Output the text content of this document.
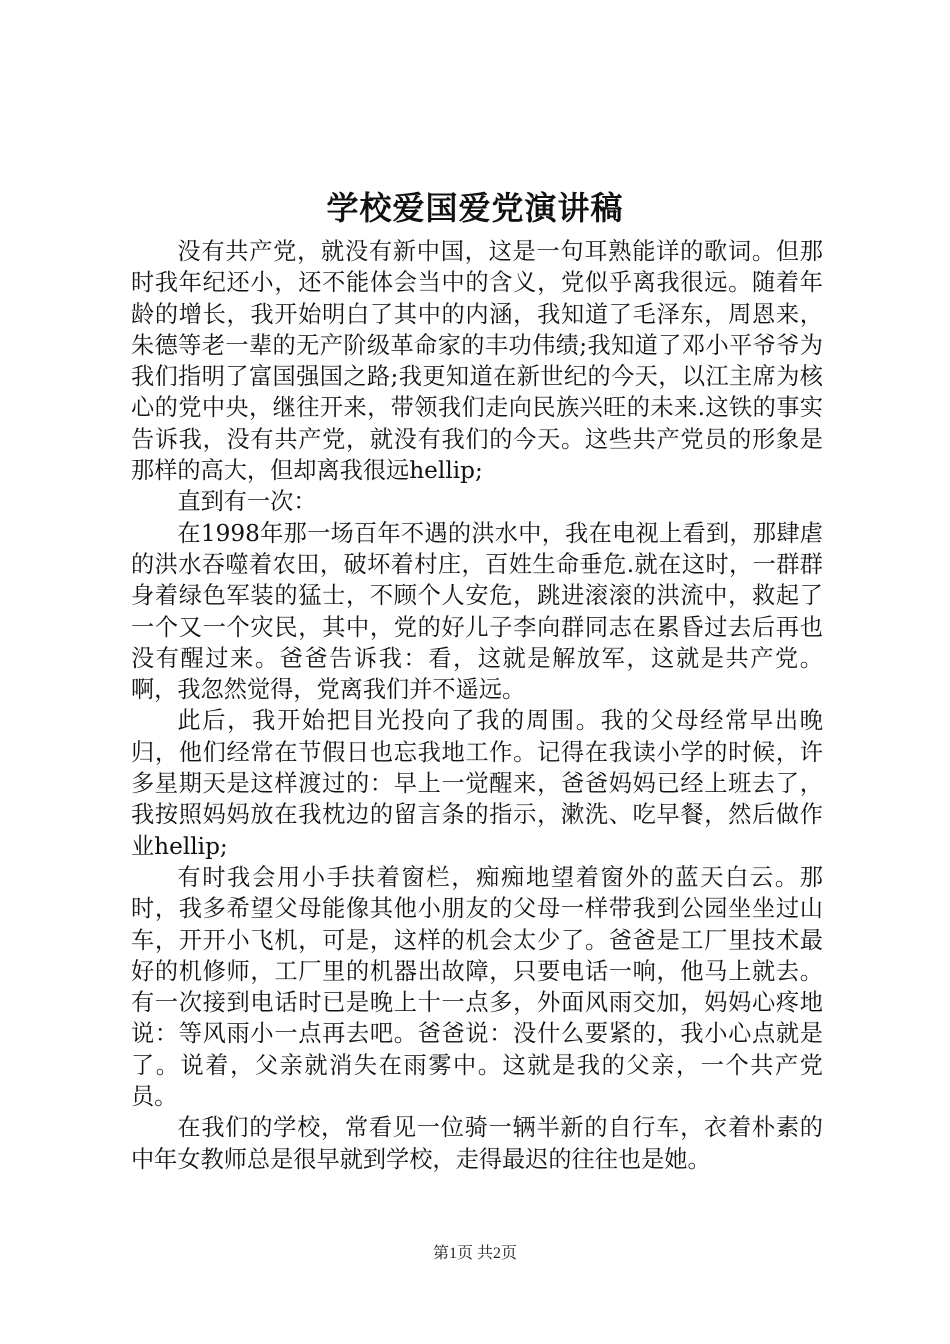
学校爱国爱党演讲稿

没有共产党，就没有新中国，这是一句耳熟能详的歌词。但那时我年纪还小，还不能体会当中的含义，党似乎离我很远。随着年龄的增长，我开始明白了其中的内涵，我知道了毛泽东，周恩来，朱德等老一辈的无产阶级革命家的丰功伟绩;我知道了邓小平爷爷为我们指明了富国强国之路;我更知道在新世纪的今天，以江主席为核心的党中央，继往开来，带领我们走向民族兴旺的未来.这铁的事实告诉我，没有共产党，就没有我们的今天。这些共产党员的形象是那样的高大，但却离我很远hellip;

直到有一次：

在1998年那一场百年不遇的洪水中，我在电视上看到，那肆虐的洪水吞噬着农田，破坏着村庄，百姓生命垂危.就在这时，一群群身着绿色军装的猛士，不顾个人安危，跳进滚滚的洪流中，救起了一个又一个灾民，其中，党的好儿子李向群同志在累昏过去后再也没有醒过来。爸爸告诉我：看，这就是解放军，这就是共产党。啊，我忽然觉得，党离我们并不遥远。

此后，我开始把目光投向了我的周围。我的父母经常早出晚归，他们经常在节假日也忘我地工作。记得在我读小学的时候，许多星期天是这样渡过的：早上一觉醒来，爸爸妈妈已经上班去了，我按照妈妈放在我枕边的留言条的指示，漱洗、吃早餐，然后做作业hellip;

有时我会用小手扶着窗栏，痴痴地望着窗外的蓝天白云。那时，我多希望父母能像其他小朋友的父母一样带我到公园坐坐过山车，开开小飞机，可是，这样的机会太少了。爸爸是工厂里技术最好的机修师，工厂里的机器出故障，只要电话一响，他马上就去。有一次接到电话时已是晚上十一点多，外面风雨交加，妈妈心疼地说：等风雨小一点再去吧。爸爸说：没什么要紧的，我小心点就是了。说着，父亲就消失在雨雾中。这就是我的父亲，一个共产党员。

在我们的学校，常看见一位骑一辆半新的自行车，衣着朴素的中年女教师总是很早就到学校，走得最迟的往往也是她。

第1页 共2页
